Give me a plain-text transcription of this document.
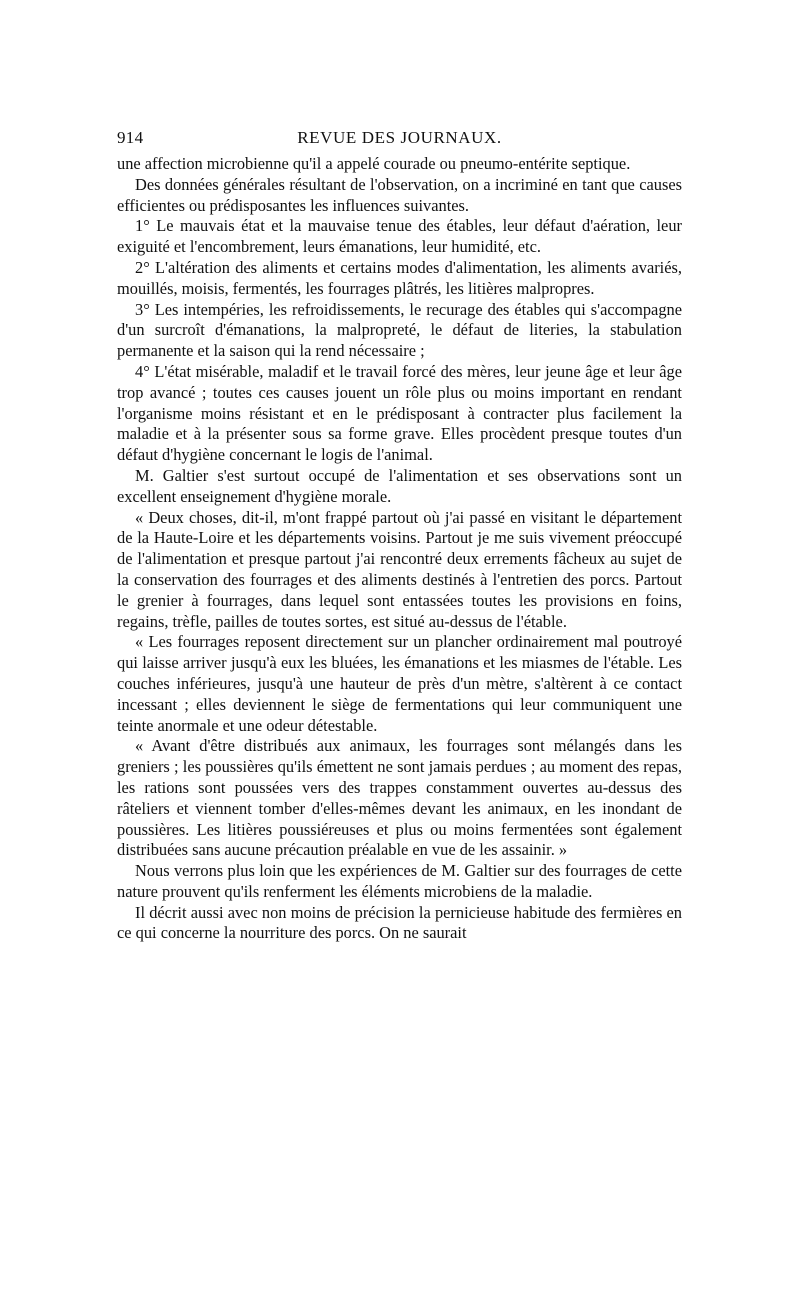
914	REVUE DES JOURNAUX.

une affection microbienne qu'il a appelé courade ou pneumo-entérite septique.

Des données générales résultant de l'observation, on a incriminé en tant que causes efficientes ou prédisposantes les influences suivantes.

1° Le mauvais état et la mauvaise tenue des étables, leur défaut d'aération, leur exiguité et l'encombrement, leurs émanations, leur humidité, etc.

2° L'altération des aliments et certains modes d'alimentation, les aliments avariés, mouillés, moisis, fermentés, les fourrages plâtrés, les litières malpropres.

3° Les intempéries, les refroidissements, le recurage des étables qui s'accompagne d'un surcroît d'émanations, la malpropreté, le défaut de literies, la stabulation permanente et la saison qui la rend nécessaire ;

4° L'état misérable, maladif et le travail forcé des mères, leur jeune âge et leur âge trop avancé ; toutes ces causes jouent un rôle plus ou moins important en rendant l'organisme moins résistant et en le prédisposant à contracter plus facilement la maladie et à la présenter sous sa forme grave. Elles procèdent presque toutes d'un défaut d'hygiène concernant le logis de l'animal.

M. Galtier s'est surtout occupé de l'alimentation et ses observations sont un excellent enseignement d'hygiène morale.

« Deux choses, dit-il, m'ont frappé partout où j'ai passé en visitant le département de la Haute-Loire et les départements voisins. Partout je me suis vivement préoccupé de l'alimentation et presque partout j'ai rencontré deux errements fâcheux au sujet de la conservation des fourrages et des aliments destinés à l'entretien des porcs. Partout le grenier à fourrages, dans lequel sont entassées toutes les provisions en foins, regains, trèfle, pailles de toutes sortes, est situé au-dessus de l'étable.

« Les fourrages reposent directement sur un plancher ordinairement mal poutroyé qui laisse arriver jusqu'à eux les bluées, les émanations et les miasmes de l'étable. Les couches inférieures, jusqu'à une hauteur de près d'un mètre, s'altèrent à ce contact incessant ; elles deviennent le siège de fermentations qui leur communiquent une teinte anormale et une odeur détestable.

« Avant d'être distribués aux animaux, les fourrages sont mélangés dans les greniers ; les poussières qu'ils émettent ne sont jamais perdues ; au moment des repas, les rations sont poussées vers des trappes constamment ouvertes au-dessus des râteliers et viennent tomber d'elles-mêmes devant les animaux, en les inondant de poussières. Les litières poussiéreuses et plus ou moins fermentées sont également distribuées sans aucune précaution préalable en vue de les assainir. »

Nous verrons plus loin que les expériences de M. Galtier sur des fourrages de cette nature prouvent qu'ils renferment les éléments microbiens de la maladie.

Il décrit aussi avec non moins de précision la pernicieuse habitude des fermières en ce qui concerne la nourriture des porcs. On ne saurait
